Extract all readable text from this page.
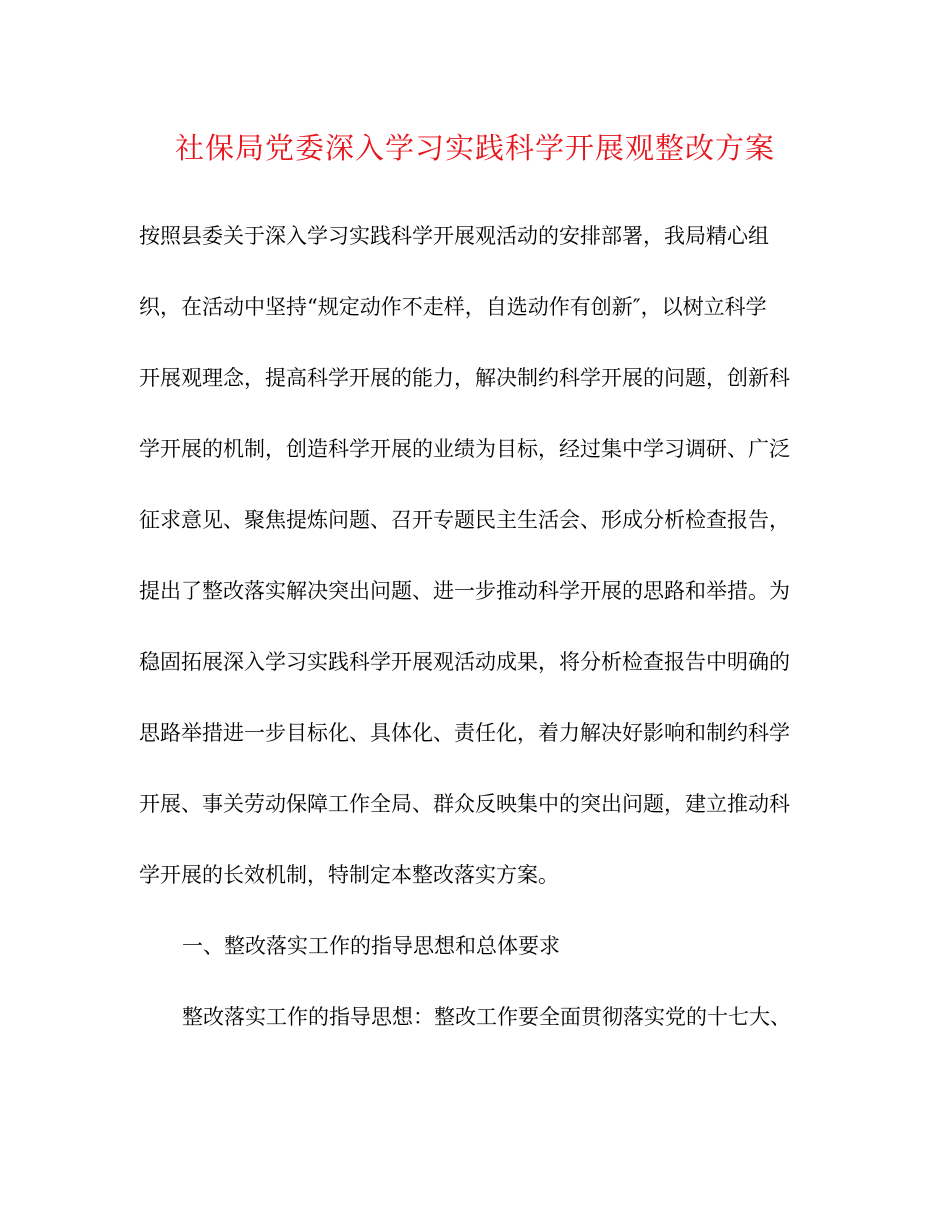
社保局党委深入学习实践科学开展观整改方案
按照县委关于深入学习实践科学开展观活动的安排部署，我局精心组
织，在活动中坚持“规定动作不走样，自选动作有创新″，以树立科学
开展观理念，提高科学开展的能力，解决制约科学开展的问题，创新科
学开展的机制，创造科学开展的业绩为目标，经过集中学习调研、广泛
征求意见、聚焦提炼问题、召开专题民主生活会、形成分析检查报告，
提出了整改落实解决突出问题、进一步推动科学开展的思路和举措。为
稳固拓展深入学习实践科学开展观活动成果，将分析检查报告中明确的
思路举措进一步目标化、具体化、责任化，着力解决好影响和制约科学
开展、事关劳动保障工作全局、群众反映集中的突出问题，建立推动科
学开展的长效机制，特制定本整改落实方案。
一、整改落实工作的指导思想和总体要求
整改落实工作的指导思想：整改工作要全面贯彻落实党的十七大、
